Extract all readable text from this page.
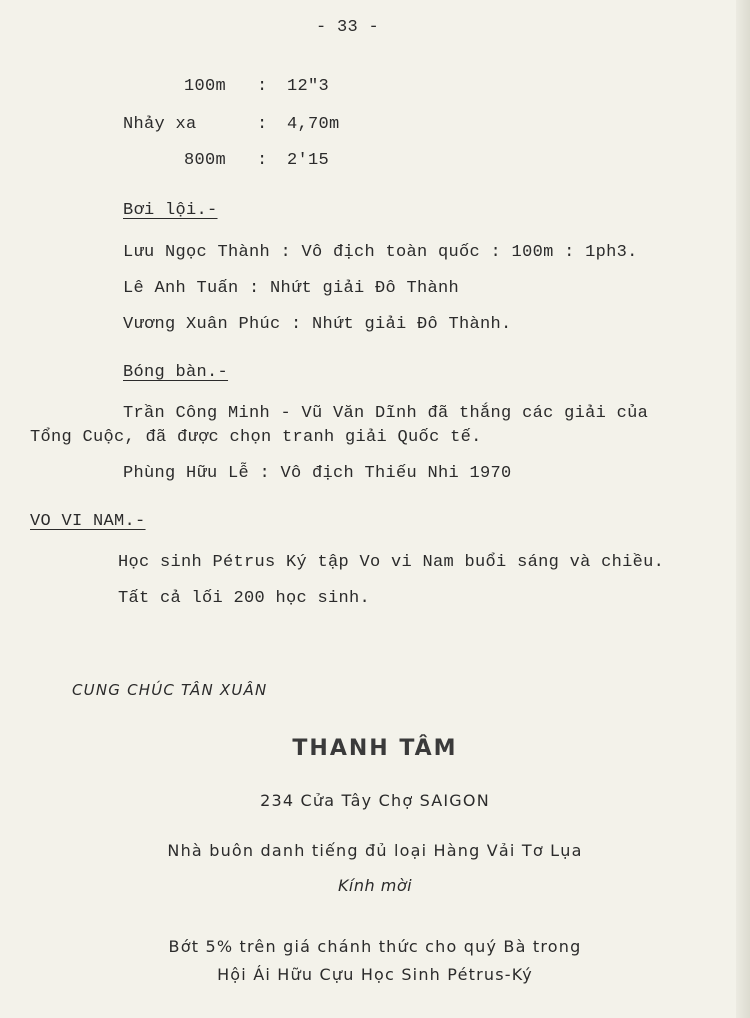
- 33 -
100m : 12"3
Nhảy xa	: 4,70m
800m : 2'15
Bơi lội.-
Lưu Ngọc Thành : Vô địch toàn quốc : 100m : 1ph3.
Lê Anh Tuấn : Nhứt giải Đô Thành
Vương Xuân Phúc : Nhứt giải Đô Thành.
Bóng bàn.-
Trần Công Minh - Vũ Văn Dĩnh đã thắng các giải của
Tổng Cuộc, đã được chọn tranh giải Quốc tế.
Phùng Hữu Lễ : Vô địch Thiếu Nhi 1970
VO VI NAM.-
Học sinh Pétrus Ký tập Vo vi Nam buổi sáng và chiều.
Tất cả lối 200 học sinh.
CUNG CHÚC TÂN XUÂN
THANH TÂM
234 Cửa Tây Chợ SAIGON
Nhà buôn danh tiếng đủ loại Hàng Vải Tơ Lụa
Kính mời
Bớt 5% trên giá chánh thức cho quý Bà trong
Hội Ái Hữu Cựu Học Sinh Pétrus-Ký
